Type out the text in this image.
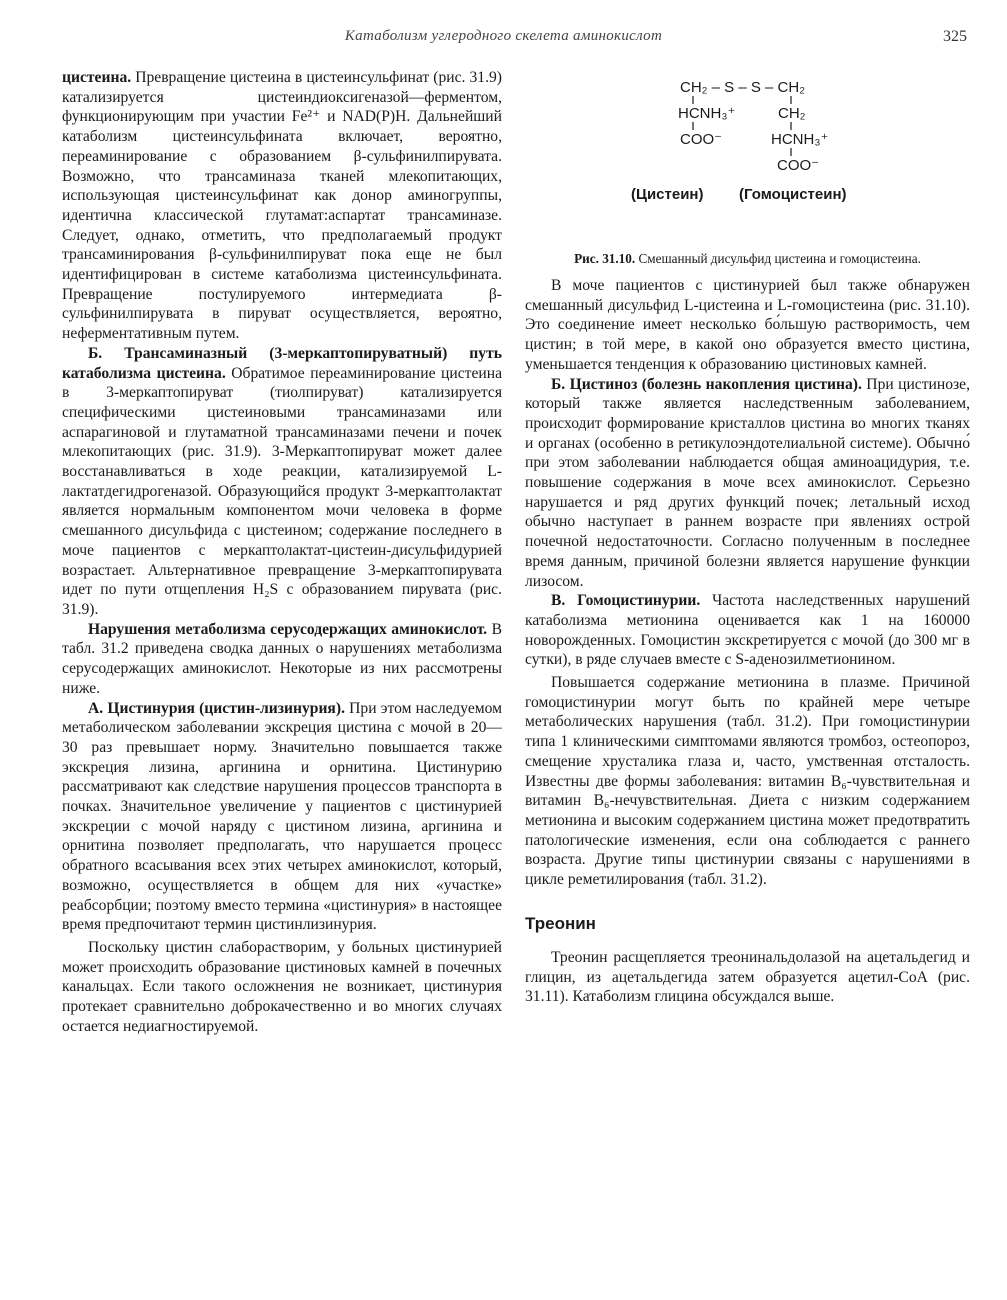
Катаболизм углеродного скелета аминокислот	325

цистеина. Превращение цистеина в цистеинсульфинат (рис. 31.9) катализируется цистеиндиоксигеназой—ферментом, функционирующим при участии Fe²⁺ и NAD(P)H. Дальнейший катаболизм цистеинсульфината включает, вероятно, переаминирование с образованием β-сульфинилпирувата. Возможно, что трансаминаза тканей млекопитающих, использующая цистеинсульфинат как донор аминогруппы, идентична классической глутамат:аспартат трансаминазе. Следует, однако, отметить, что предполагаемый продукт трансаминирования β-сульфинилпируват пока еще не был идентифицирован в системе катаболизма цистеинсульфината. Превращение постулируемого интермедиата β-сульфинилпирувата в пируват осуществляется, вероятно, неферментативным путем.

Б. Трансаминазный (3-меркаптопируватный) путь катаболизма цистеина. Обратимое переаминирование цистеина в 3-меркаптопируват (тиолпируват) катализируется специфическими цистеиновыми трансаминазами или аспарагиновой и глутаматной трансаминазами печени и почек млекопитающих (рис. 31.9). 3-Меркаптопируват может далее восстанавливаться в ходе реакции, катализируемой L-лактатдегидрогеназой. Образующийся продукт 3-меркаптолактат является нормальным компонентом мочи человека в форме смешанного дисульфида с цистеином; содержание последнего в моче пациентов с меркаптолактат-цистеин-дисульфидурией возрастает. Альтернативное превращение 3-меркаптопирувата идет по пути отщепления H₂S с образованием пирувата (рис. 31.9).

Нарушения метаболизма серусодержащих аминокислот. В табл. 31.2 приведена сводка данных о нарушениях метаболизма серусодержащих аминокислот. Некоторые из них рассмотрены ниже.

А. Цистинурия (цистин-лизинурия). При этом наследуемом метаболическом заболевании экскреция цистина с мочой в 20—30 раз превышает норму. Значительно повышается также экскреция лизина, аргинина и орнитина. Цистинурию рассматривают как следствие нарушения процессов транспорта в почках. Значительное увеличение у пациентов с цистинурией экскреции с мочой наряду с цистином лизина, аргинина и орнитина позволяет предполагать, что нарушается процесс обратного всасывания всех этих четырех аминокислот, который, возможно, осуществляется в общем для них «участке» реабсорбции; поэтому вместо термина «цистинурия» в настоящее время предпочитают термин цистинлизинурия.

Поскольку цистин слаборастворим, у больных цистинурией может происходить образование цистиновых камней в почечных канальцах. Если такого осложнения не возникает, цистинурия протекает сравнительно доброкачественно и во многих случаях остается недиагностируемой.

CH₂ – S – S – CH₂
HCNH₃⁺	CH₂
COO⁻	HCNH₃⁺
COO⁻
(Цистеин) (Гомоцистеин)
Рис. 31.10. Смешанный дисульфид цистеина и гомоцистеина.

В моче пациентов с цистинурией был также обнаружен смешанный дисульфид L-цистеина и L-гомоцистеина (рис. 31.10). Это соединение имеет несколько бо́льшую растворимость, чем цистин; в той мере, в какой оно образуется вместо цистина, уменьшается тенденция к образованию цистиновых камней.

Б. Цистиноз (болезнь накопления цистина). При цистинозе, который также является наследственным заболеванием, происходит формирование кристаллов цистина во многих тканях и органах (особенно в ретикулоэндотелиальной системе). Обычно́ при этом заболевании наблюдается общая аминоацидурия, т.е. повышение содержания в моче всех аминокислот. Серьезно нарушается и ряд других функций почек; летальный исход обычно наступает в раннем возрасте при явлениях острой почечной недостаточности. Согласно полученным в последнее время данным, причиной болезни является нарушение функции лизосом.

В. Гомоцистинурии. Частота наследственных нарушений катаболизма метионина оценивается как 1 на 160000 новорожденных. Гомоцистин экскретируется с мочой (до 300 мг в сутки), в ряде случаев вместе с S-аденозилметионином.

Повышается содержание метионина в плазме. Причиной гомоцистинурии могут быть по крайней мере четыре метаболических нарушения (табл. 31.2). При гомоцистинурии типа 1 клиническими симптомами являются тромбоз, остеопороз, смещение хрусталика глаза и, часто, умственная отсталость. Известны две формы заболевания: витамин B₆-чувствительная и витамин B₆-нечувствительная. Диета с низким содержанием метионина и высоким содержанием цистина может предотвратить патологические изменения, если она соблюдается с раннего возраста. Другие типы цистинурии связаны с нарушениями в цикле реметилирования (табл. 31.2).

Треонин

Треонин расщепляется треонинальдолазой на ацетальдегид и глицин, из ацетальдегида затем образуется ацетил-CoA (рис. 31.11). Катаболизм глицина обсуждался выше.
